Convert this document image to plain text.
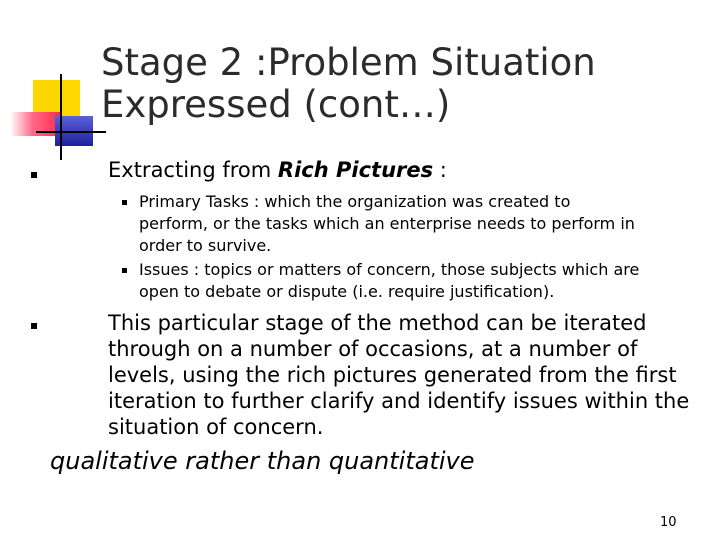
Stage 2 :Problem Situation
Expressed (cont…)
Extracting from Rich Pictures :
Primary Tasks : which the organization was created to
perform, or the tasks which an enterprise needs to perform in
order to survive.
Issues : topics or matters of concern, those subjects which are
open to debate or dispute (i.e. require justification).
This particular stage of the method can be iterated
through on a number of occasions, at a number of
levels, using the rich pictures generated from the first
iteration to further clarify and identify issues within the
situation of concern.
qualitative rather than quantitative
10
